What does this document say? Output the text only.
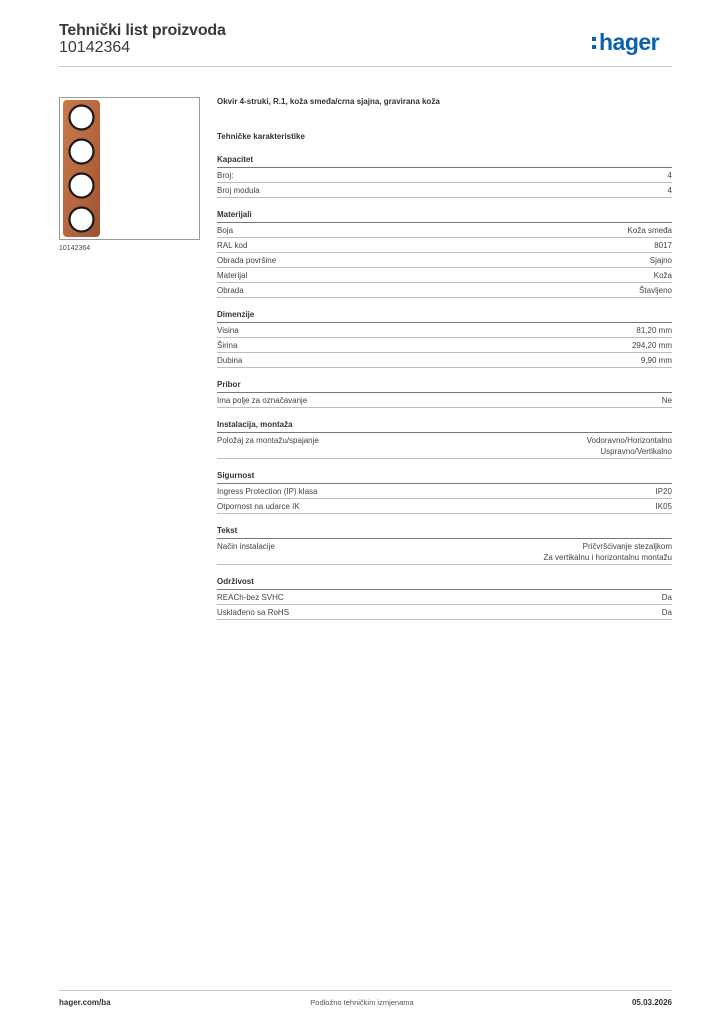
Tehnički list proizvoda
10142364	hager
10142364
Okvir 4-struki, R.1, koža smeđa/crna sjajna, gravirana koža
Tehničke karakteristike
Kapacitet
Broj:	4
Broj modula	4
Materijali
Boja	Koža smeđa
RAL kod	8017
Obrada površine	Sjajno
Materijal	Koža
Obrada	Štavljeno
Dimenzije
Visina	81,20 mm
Širina	294,20 mm
Dubina	9,90 mm
Pribor
Ima polje za označavanje	Ne
Instalacija, montaža
Položaj za montažu/spajanje	Vodoravno/Horizontalno
Uspravno/Vertikalno
Sigurnost
Ingress Protection (IP) klasa	IP20
Otpornost na udarce IK	IK05
Tekst
Način instalacije	Pričvršćivanje stezaljkom
Za vertikalnu i horizontalnu montažu
Održivost
REACh-bez SVHC	Da
Usklađeno sa RoHS	Da
hager.com/ba	Podložno tehničkim izmjenama	05.03.2026
